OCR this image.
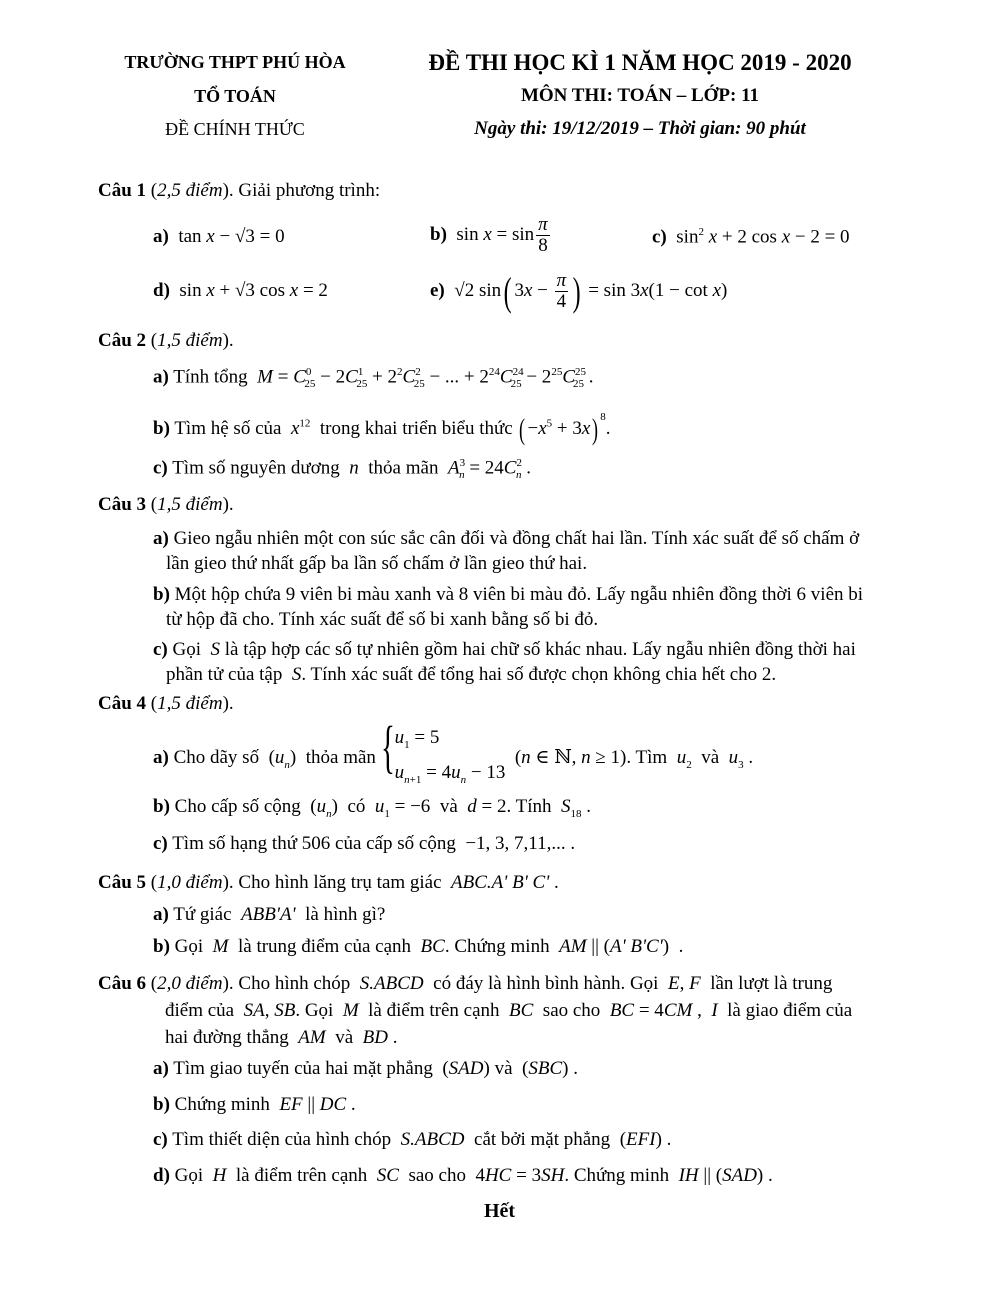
TRƯỜNG THPT PHÚ HÒA
TỔ TOÁN
ĐỀ CHÍNH THỨC
ĐỀ THI HỌC KÌ 1 NĂM HỌC 2019 - 2020
MÔN THI: TOÁN – LỚP: 11
Ngày thi: 19/12/2019 – Thời gian: 90 phút
Câu 1 (2,5 điểm). Giải phương trình:
a)  tan x − √3 = 0	b)  $\sin x = \sin \frac{\pi}{8}$	c)  $\sin^2 x + 2$ cos x − 2 = 0
d)  sin x + √3 cos x = 2	e)  √2 sin( $3x - \frac{\pi}{4}$ ) = sin 3x(1 − cot x)
Câu 2 (1,5 điểm).
a) Tính tổng $M = C^0_{25} - 2C^1_{25} + 2^2C^2_{25}$ − ... + $2^{24}C^{24}_{25} - 2^{25}C^{25}_{25}$ .
b) Tìm hệ số của $x^{12}$ trong khai triển biểu thức ( $-x^5 + 3x$) $^8$.
c) Tìm số nguyên dương n thỏa mãn $A^3_n = 24C^2_n$ .
Câu 3 (1,5 điểm).
a) Gieo ngẫu nhiên một con súc sắc cân đối và đồng chất hai lần. Tính xác suất để số chấm ở
lần gieo thứ nhất gấp ba lần số chấm ở lần gieo thứ hai.
b) Một hộp chứa 9 viên bi màu xanh và 8 viên bi màu đỏ. Lấy ngẫu nhiên đồng thời 6 viên bi
từ hộp đã cho. Tính xác suất để số bi xanh bằng số bi đỏ.
c) Gọi  S là tập hợp các số tự nhiên gồm hai chữ số khác nhau. Lấy ngẫu nhiên đồng thời hai
phần tử của tập  S. Tính xác suất để tổng hai số được chọn không chia hết cho 2.
Câu 4 (1,5 điểm).
a) Cho dãy số  $(u_n)$  thỏa mãn { $u_1 = 5$
$u_{n+1} = 4u_n - 13$
(n ∈ ℕ, n ≥ 1). Tìm $u_2$ và $u_3$ .
b) Cho cấp số cộng  $(u_n)$  có $u_1 = -6$  và d = 2. Tính $S_{18}$ .
c) Tìm số hạng thứ 506 của cấp số cộng  −1, 3, 7,11,... .
Câu 5 (1,0 điểm). Cho hình lăng trụ tam giác ABC.A' B' C' .
a) Tứ giác ABB'A' là hình gì?
b) Gọi M là trung điểm của cạnh BC. Chứng minh AM || (A' B'C')  .
Câu 6 (2,0 điểm). Cho hình chóp S.ABCD có đáy là hình bình hành. Gọi E, F lần lượt là trung
điểm của SA, SB. Gọi M là điểm trên cạnh BC sao cho BC = 4CM ,  I là giao điểm của
hai đường thẳng AM và BD .
a) Tìm giao tuyến của hai mặt phẳng  (SAD) và  (SBC) .
b) Chứng minh EF || DC .
c) Tìm thiết diện của hình chóp S.ABCD cắt bởi mặt phẳng  (EFI) .
d) Gọi H là điểm trên cạnh SC sao cho  4HC = 3SH. Chứng minh IH || (SAD) .
Hết
